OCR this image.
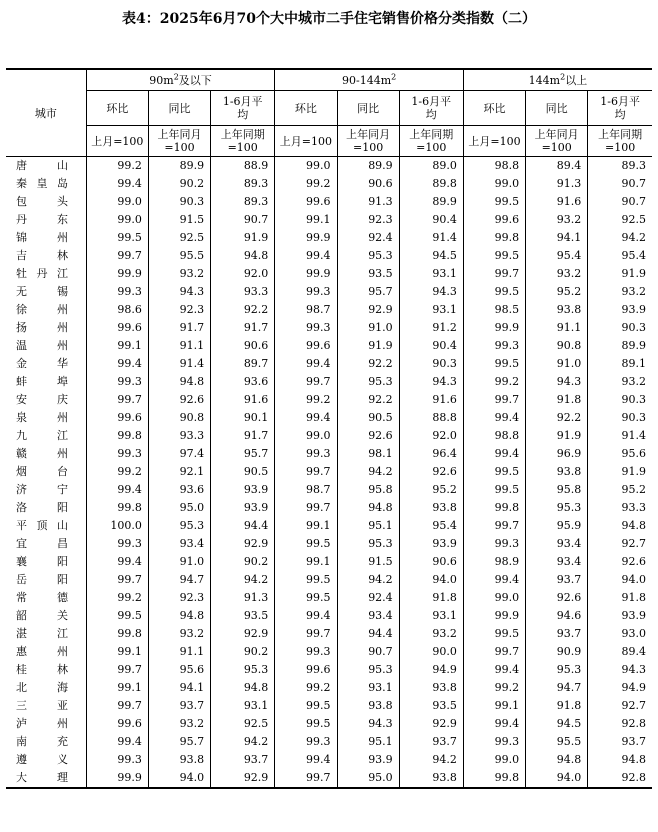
表4：2025年6月70个大中城市二手住宅销售价格分类指数（二）
城市	$90m^2$及以下			$90-144m^2$			$144m^2$以上		
	环比	同比	1-6月平均	环比	同比	1-6月平均	环比	同比	1-6月平均
	上月=100	上年同月=100	上年同期=100	上月=100	上年同月=100	上年同期=100	上月=100	上年同月=100	上年同期=100

唐 山	99.2	89.9	88.9	99.0	89.9	89.0	98.8	89.4	89.3

秦 皇 岛	99.4	90.2	89.3	99.2	90.6	89.8	99.0	91.3	90.7

包 头	99.0	90.3	89.3	99.6	91.3	89.9	99.5	91.6	90.7

丹 东	99.0	91.5	90.7	99.1	92.3	90.4	99.6	93.2	92.5

锦 州	99.5	92.5	91.9	99.9	92.4	91.4	99.8	94.1	94.2

吉 林	99.7	95.5	94.8	99.4	95.3	94.5	99.5	95.4	95.4

牡 丹 江	99.9	93.2	92.0	99.9	93.5	93.1	99.7	93.2	91.9

无 锡	99.3	94.3	93.3	99.3	95.7	94.3	99.5	95.2	93.2

徐 州	98.6	92.3	92.2	98.7	92.9	93.1	98.5	93.8	93.9

扬 州	99.6	91.7	91.7	99.3	91.0	91.2	99.9	91.1	90.3

温 州	99.1	91.1	90.6	99.6	91.9	90.4	99.3	90.8	89.9

金 华	99.4	91.4	89.7	99.4	92.2	90.3	99.5	91.0	89.1

蚌 埠	99.3	94.8	93.6	99.7	95.3	94.3	99.2	94.3	93.2

安 庆	99.7	92.6	91.6	99.2	92.2	91.6	99.7	91.8	90.3

泉 州	99.6	90.8	90.1	99.4	90.5	88.8	99.4	92.2	90.3

九 江	99.8	93.3	91.7	99.0	92.6	92.0	98.8	91.9	91.4

赣 州	99.3	97.4	95.7	99.3	98.1	96.4	99.4	96.9	95.6

烟 台	99.2	92.1	90.5	99.7	94.2	92.6	99.5	93.8	91.9

济 宁	99.4	93.6	93.9	98.7	95.8	95.2	99.5	95.8	95.2

洛 阳	99.8	95.0	93.9	99.7	94.8	93.8	99.8	95.3	93.3

平 顶 山	100.0	95.3	94.4	99.1	95.1	95.4	99.7	95.9	94.8

宜 昌	99.3	93.4	92.9	99.5	95.3	93.9	99.3	93.4	92.7

襄 阳	99.4	91.0	90.2	99.1	91.5	90.6	98.9	93.4	92.6

岳 阳	99.7	94.7	94.2	99.5	94.2	94.0	99.4	93.7	94.0

常 德	99.2	92.3	91.3	99.5	92.4	91.8	99.0	92.6	91.8

韶 关	99.5	94.8	93.5	99.4	93.4	93.1	99.9	94.6	93.9

湛 江	99.8	93.2	92.9	99.7	94.4	93.2	99.5	93.7	93.0

惠 州	99.1	91.1	90.2	99.3	90.7	90.0	99.7	90.9	89.4

桂 林	99.7	95.6	95.3	99.6	95.3	94.9	99.4	95.3	94.3

北 海	99.1	94.1	94.8	99.2	93.1	93.8	99.2	94.7	94.9

三 亚	99.7	93.7	93.1	99.5	93.8	93.5	99.1	91.8	92.7

泸 州	99.6	93.2	92.5	99.5	94.3	92.9	99.4	94.5	92.8

南 充	99.4	95.7	94.2	99.3	95.1	93.7	99.3	95.5	93.7

遵 义	99.3	93.8	93.7	99.4	93.9	94.2	99.0	94.8	94.8

大 理	99.9	94.0	92.9	99.7	95.0	93.8	99.8	94.0	92.8
